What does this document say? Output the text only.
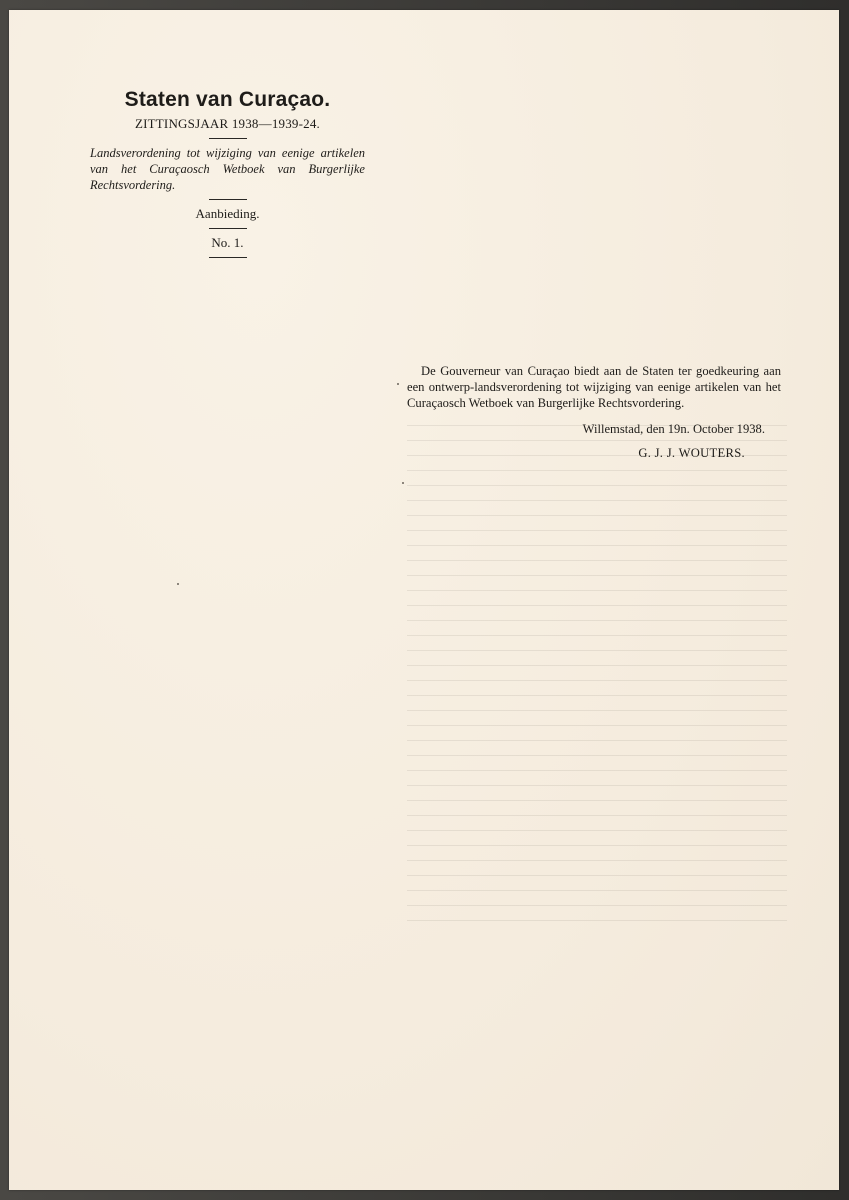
Staten van Curaçao.
ZITTINGSJAAR 1938—1939-24.
Landsverordening tot wijziging van eenige artikelen van het Curaçaosch Wetboek van Burgerlijke Rechtsvordering.
Aanbieding.
No. 1.

De Gouverneur van Curaçao biedt aan de Staten ter goedkeuring aan een ontwerp-landsverordening tot wijziging van eenige artikelen van het Curaçaosch Wetboek van Burgerlijke Rechtsvordering.

Willemstad, den 19n. October 1938.
G. J. J. WOUTERS.
